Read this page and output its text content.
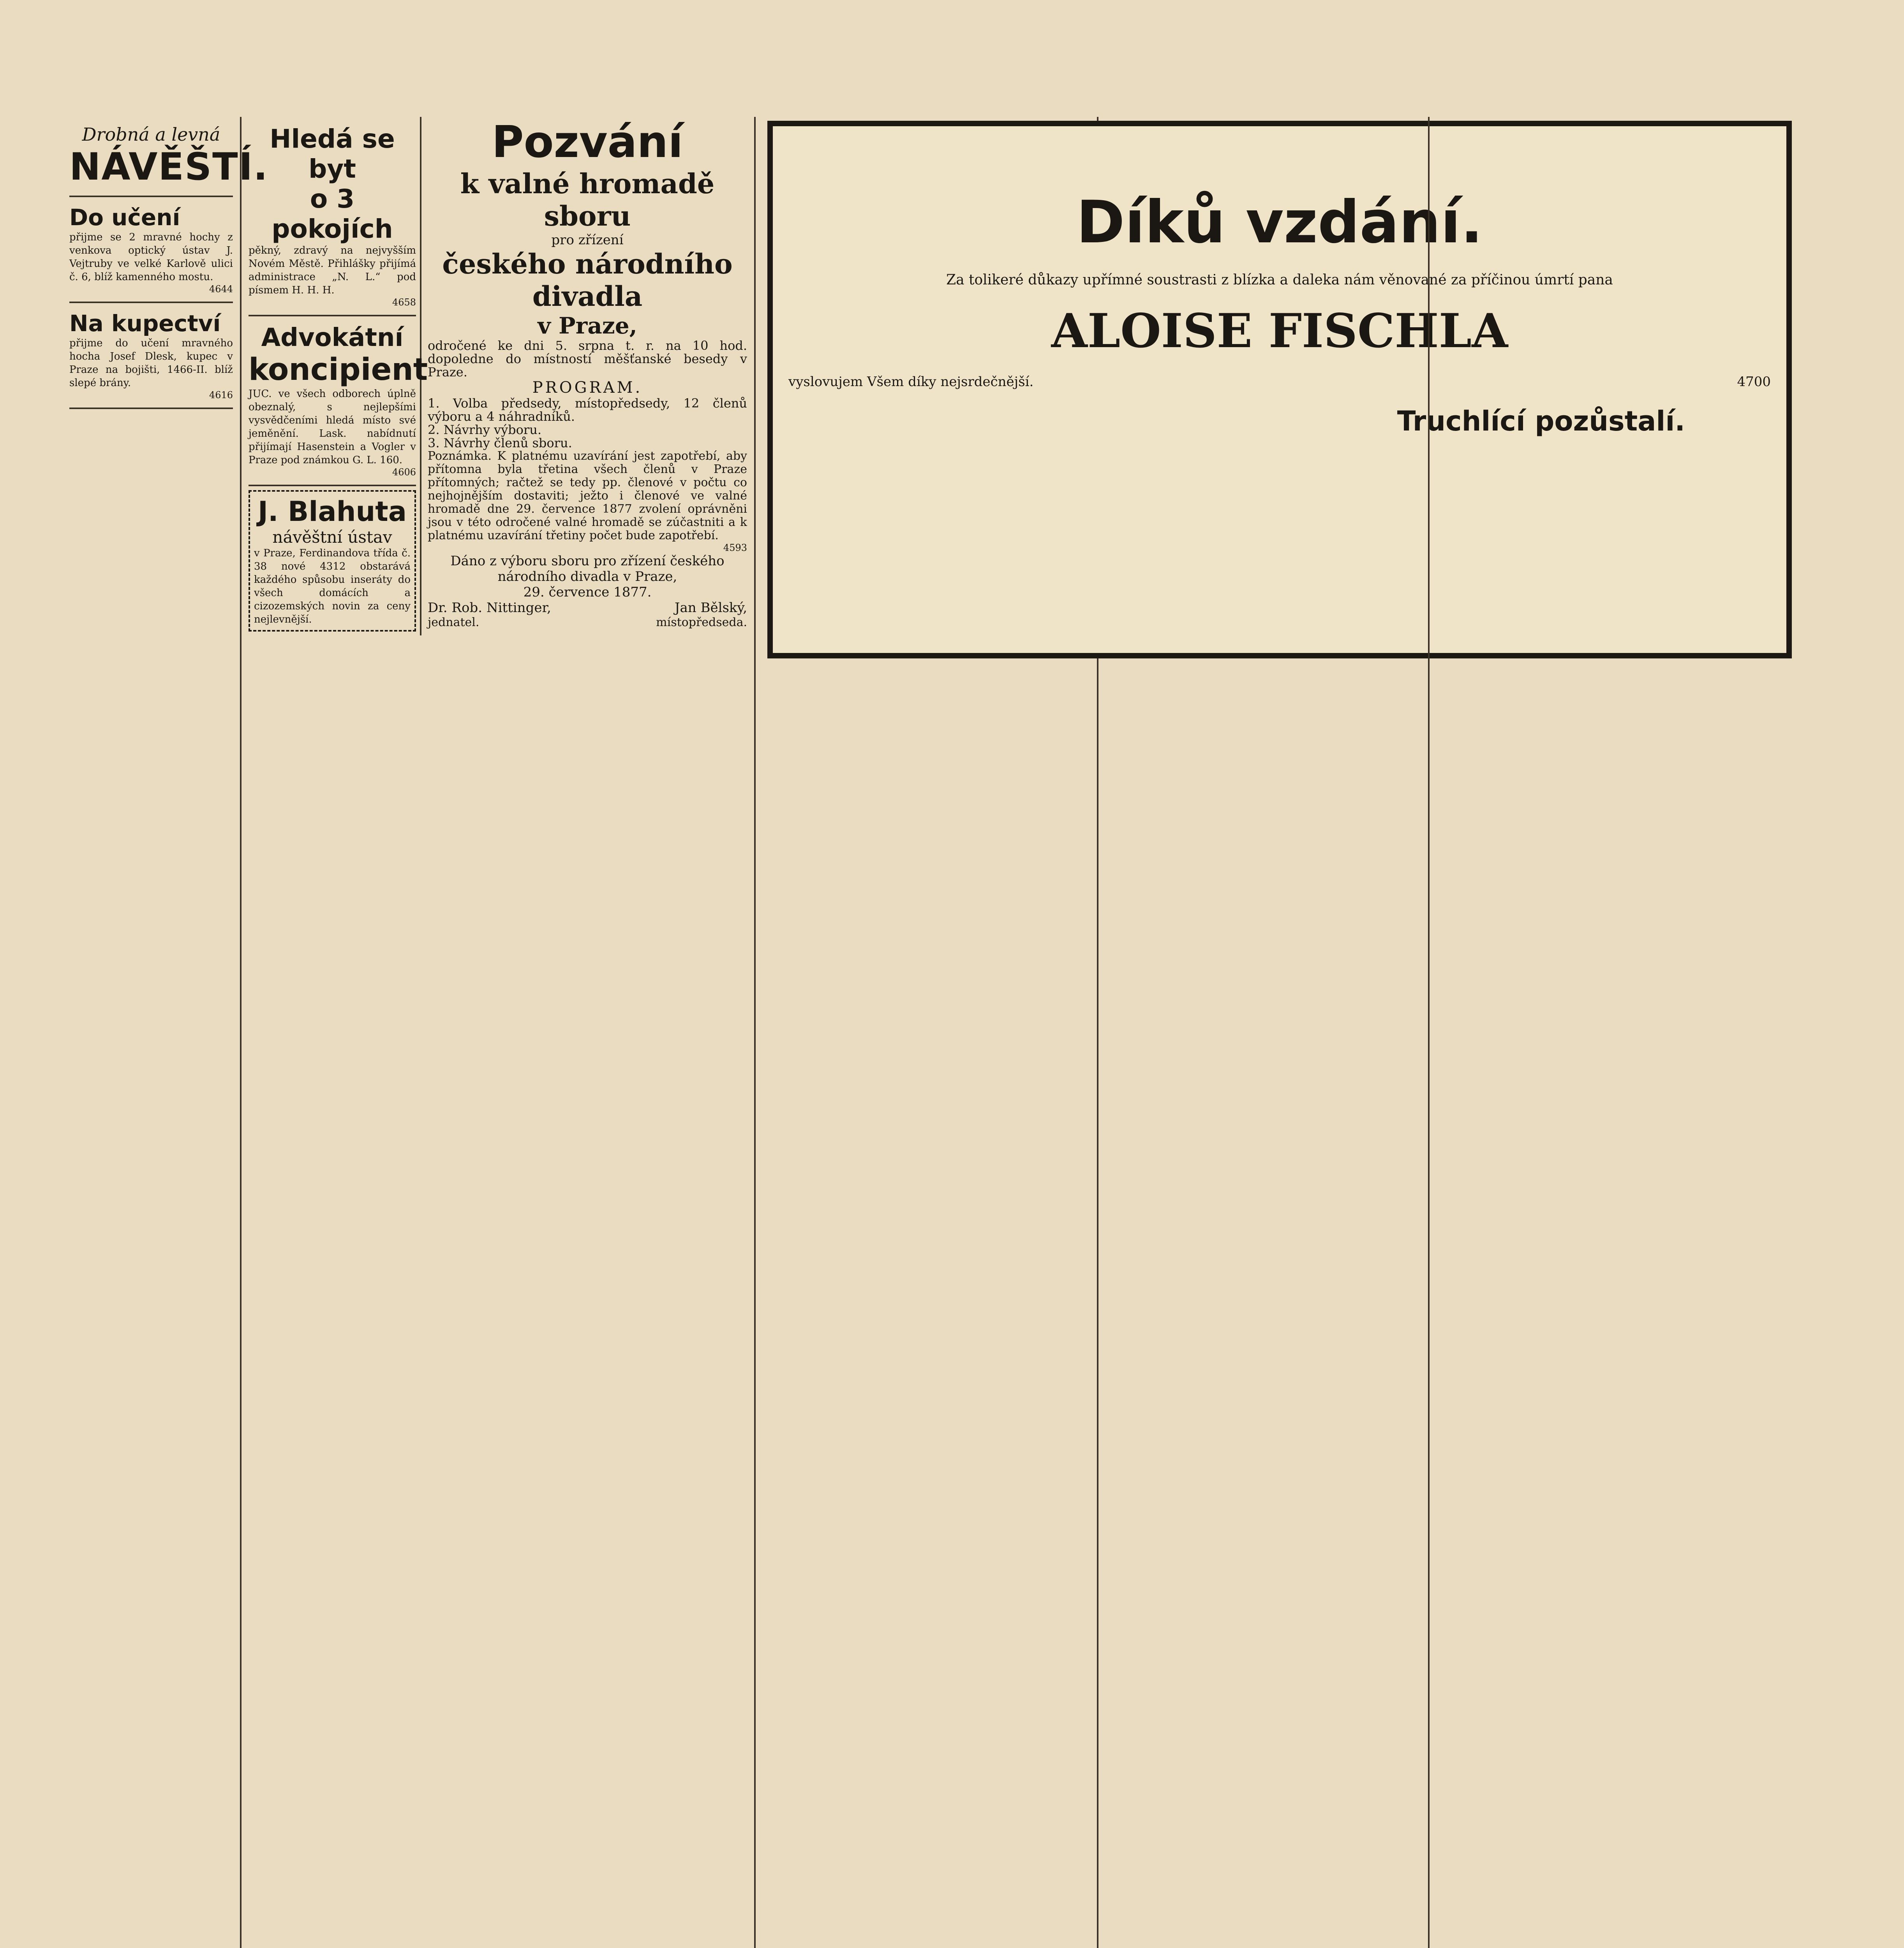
Drobná a levná
NÁVĚŠTÍ.
Do učení
přijme se 2 mravné hochy z venkova optický ústav J. Vejtruby ve velké Karlově ulici č. 6, blíž kamenného mostu.
4644
Na kupectví
přijme do učení mravného hocha Josef Dlesk, kupec v Praze na bojišti, 1466-II. blíž slepé brány.
4616
Hledá se byt
o 3 pokojích
pěkný, zdravý na nejvyšším Novém Městě. Přihlášky přijímá administrace „N. L.“ pod písmem H. H. H.
4658
Advokátní
koncipient
JUC. ve všech odborech úplně obeznalý, s nejlepšími vysvědčeními hledá místo své jeměnění. Lask. nabídnutí přijímají Hasenstein a Vogler v Praze pod známkou G. L. 160.
4606
J. Blahuta
návěštní ústav
v Praze, Ferdinandova třída č. 38 nové 4312 obstarává každého spůsobu inseráty do všech domácích a cizozemských novin za ceny nejlevnější.
Pozvání
k valné hromadě sboru
pro zřízení
českého národního divadla
v Praze,
odročené ke dni 5. srpna t. r. na 10 hod. dopoledne do místností měšťanské besedy v Praze.
PROGRAM.
1. Volba předsedy, místopředsedy, 12 členů výboru a 4 náhradníků.
2. Návrhy výboru.
3. Návrhy členů sboru.
Poznámka. K platnému uzavírání jest zapotřebí, aby přítomna byla třetina všech členů v Praze přítomných; račtež se tedy pp. členové v počtu co nejhojnějším dostaviti; ježto i členové ve valné hromadě dne 29. července 1877 zvolení oprávněni jsou v této odročené valné hromadě se zúčastniti a k platnému uzavírání třetiny počet bude zapotřebí.
4593
Dáno z výboru sboru pro zřízení českého národního divadla v Praze,
29. července 1877.
Dr. Rob. Nittinger,	Jan Bělský,
jednatel.	místopředseda.
Díků vzdání.
Za tolikeré důkazy upřímné soustrasti z blízka a daleka nám věnované za příčinou úmrtí pana
ALOISE FISCHLA
vyslovujem Všem díky nejsrdečnější.	4700
Truchlící pozůstalí.
